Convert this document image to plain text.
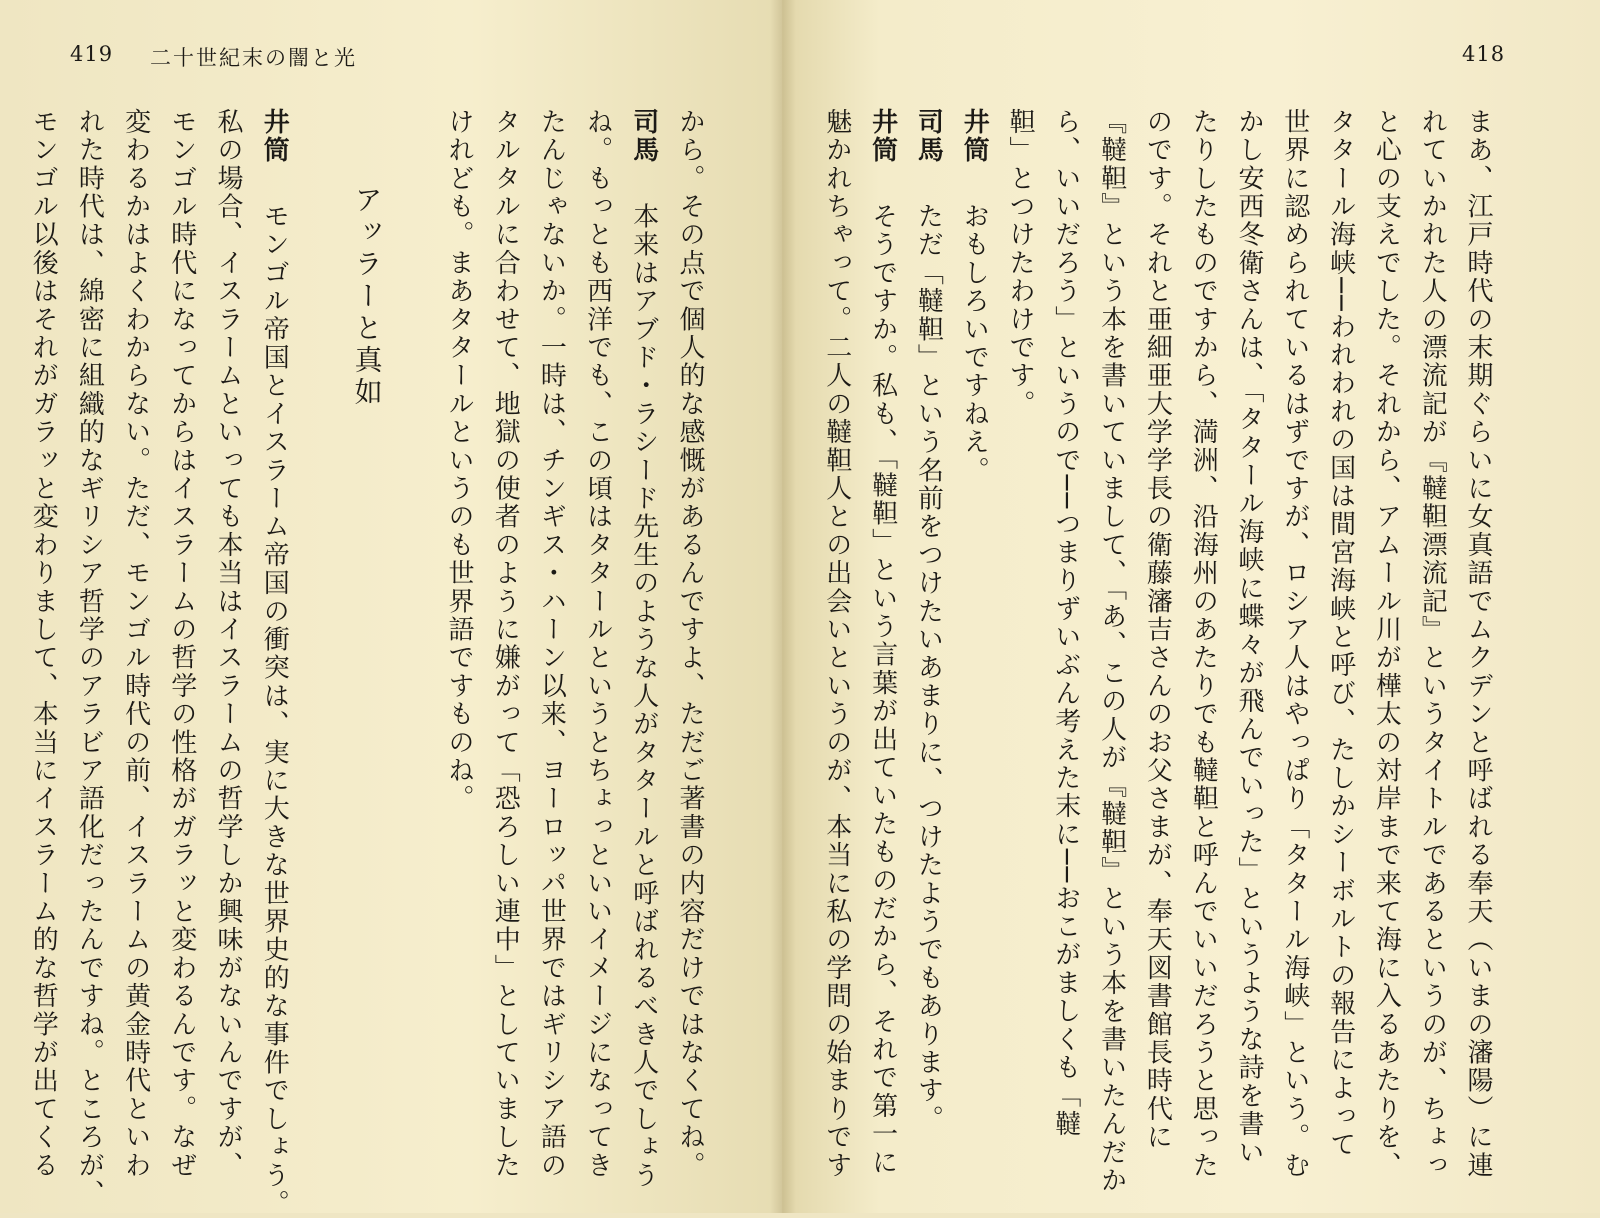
419 二十世紀末の闇と光	418
から。その点で個人的な感慨があるんですよ、ただご著書の内容だけではなくてね。
司馬　本来はアブド・ラシード先生のような人がタタールと呼ばれるべき人でしょう
ね。もっとも西洋でも、この頃はタタールというとちょっといいイメージになってき
たんじゃないか。一時は、チンギス・ハーン以来、ヨーロッパ世界ではギリシア語の
タルタルに合わせて、地獄の使者のように嫌がって「恐ろしい連中」としていました
けれども。まあタタールというのも世界語ですものね。
アッラーと真如
井筒　モンゴル帝国とイスラーム帝国の衝突は、実に大きな世界史的な事件でしょう。
私の場合、イスラームといっても本当はイスラームの哲学しか興味がないんですが、
モンゴル時代になってからはイスラームの哲学の性格がガラッと変わるんです。なぜ
変わるかはよくわからない。ただ、モンゴル時代の前、イスラームの黄金時代といわ
れた時代は、綿密に組織的なギリシア哲学のアラビア語化だったんですね。ところが、
モンゴル以後はそれがガラッと変わりまして、本当にイスラーム的な哲学が出てくる	まあ、江戸時代の末期ぐらいに女真語でムクデンと呼ばれる奉天（いまの瀋陽）に連
れていかれた人の漂流記が『韃靼漂流記』というタイトルであるというのが、ちょっ
と心の支えでした。それから、アムール川が樺太の対岸まで来て海に入るあたりを、
タタール海峡──われわれの国は間宮海峡と呼び、たしかシーボルトの報告によって
世界に認められているはずですが、ロシア人はやっぱり「タタール海峡」という。む
かし安西冬衛さんは、「タタール海峡に蝶々が飛んでいった」というような詩を書い
たりしたものですから、満洲、沿海州のあたりでも韃靼と呼んでいいだろうと思った
のです。それと亜細亜大学学長の衛藤瀋吉さんのお父さまが、奉天図書館長時代に
『韃靼』という本を書いていまして、「あ、この人が『韃靼』という本を書いたんだか
ら、いいだろう」というので──つまりずいぶん考えた末に──おこがましくも「韃
靼」とつけたわけです。
井筒　おもしろいですねえ。
司馬　ただ「韃靼」という名前をつけたいあまりに、つけたようでもあります。
井筒　そうですか。私も、「韃靼」という言葉が出ていたものだから、それで第一に
魅かれちゃって。二人の韃靼人との出会いというのが、本当に私の学問の始まりです
